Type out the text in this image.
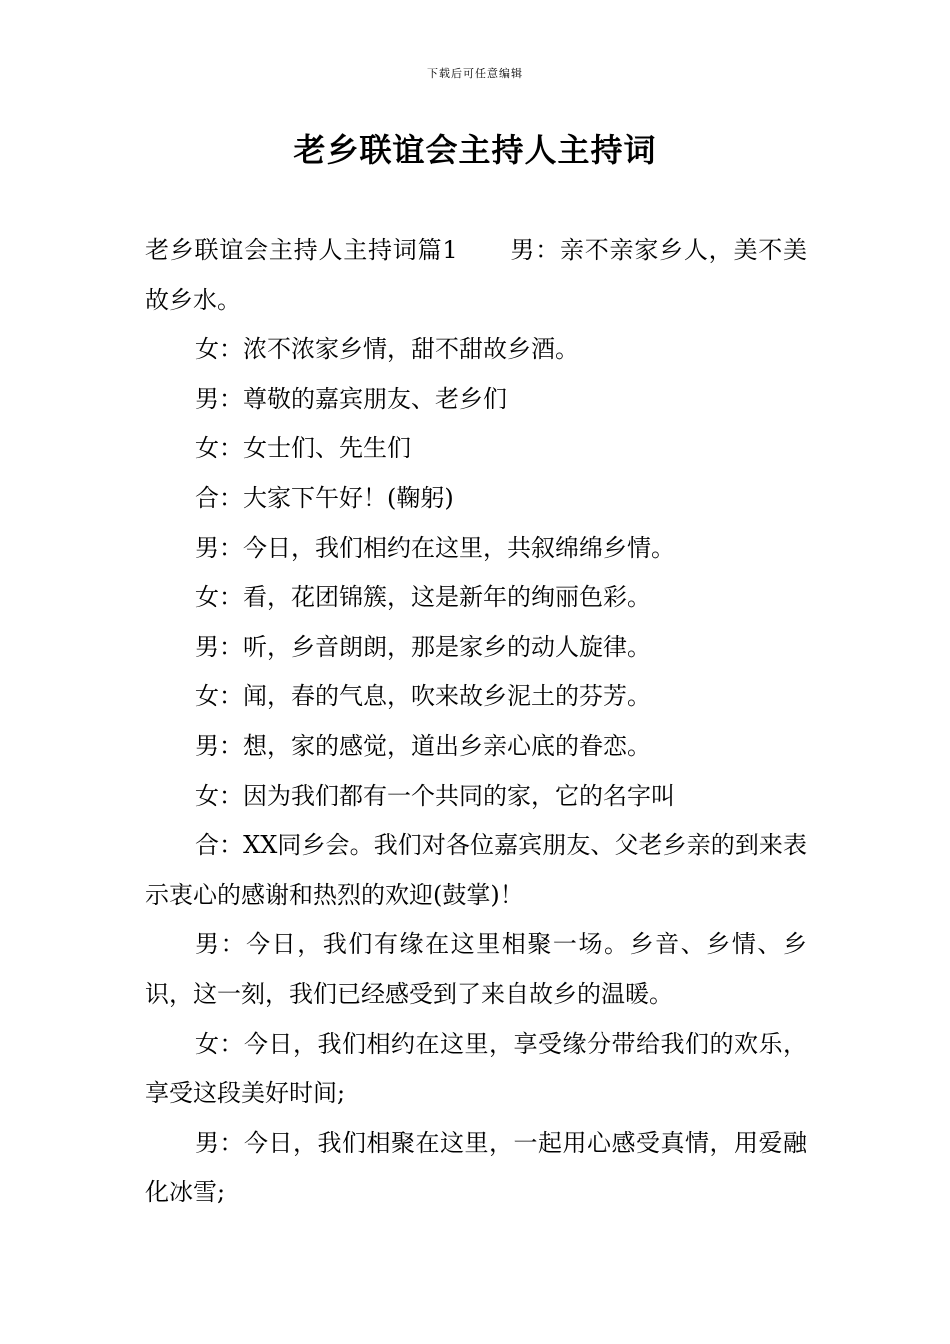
下载后可任意编辑
老乡联谊会主持人主持词

老乡联谊会主持人主持词篇1 男：亲不亲家乡人，美不美故乡水。

女：浓不浓家乡情，甜不甜故乡酒。

男：尊敬的嘉宾朋友、老乡们

女：女士们、先生们

合：大家下午好！(鞠躬)

男：今日，我们相约在这里，共叙绵绵乡情。

女：看，花团锦簇，这是新年的绚丽色彩。

男：听，乡音朗朗，那是家乡的动人旋律。

女：闻，春的气息，吹来故乡泥土的芬芳。

男：想，家的感觉，道出乡亲心底的眷恋。

女：因为我们都有一个共同的家，它的名字叫

合：XX同乡会。我们对各位嘉宾朋友、父老乡亲的到来表示衷心的感谢和热烈的欢迎(鼓掌)！

男：今日，我们有缘在这里相聚一场。乡音、乡情、乡识，这一刻，我们已经感受到了来自故乡的温暖。

女：今日，我们相约在这里，享受缘分带给我们的欢乐，享受这段美好时间;

男：今日，我们相聚在这里，一起用心感受真情，用爱融化冰雪;
